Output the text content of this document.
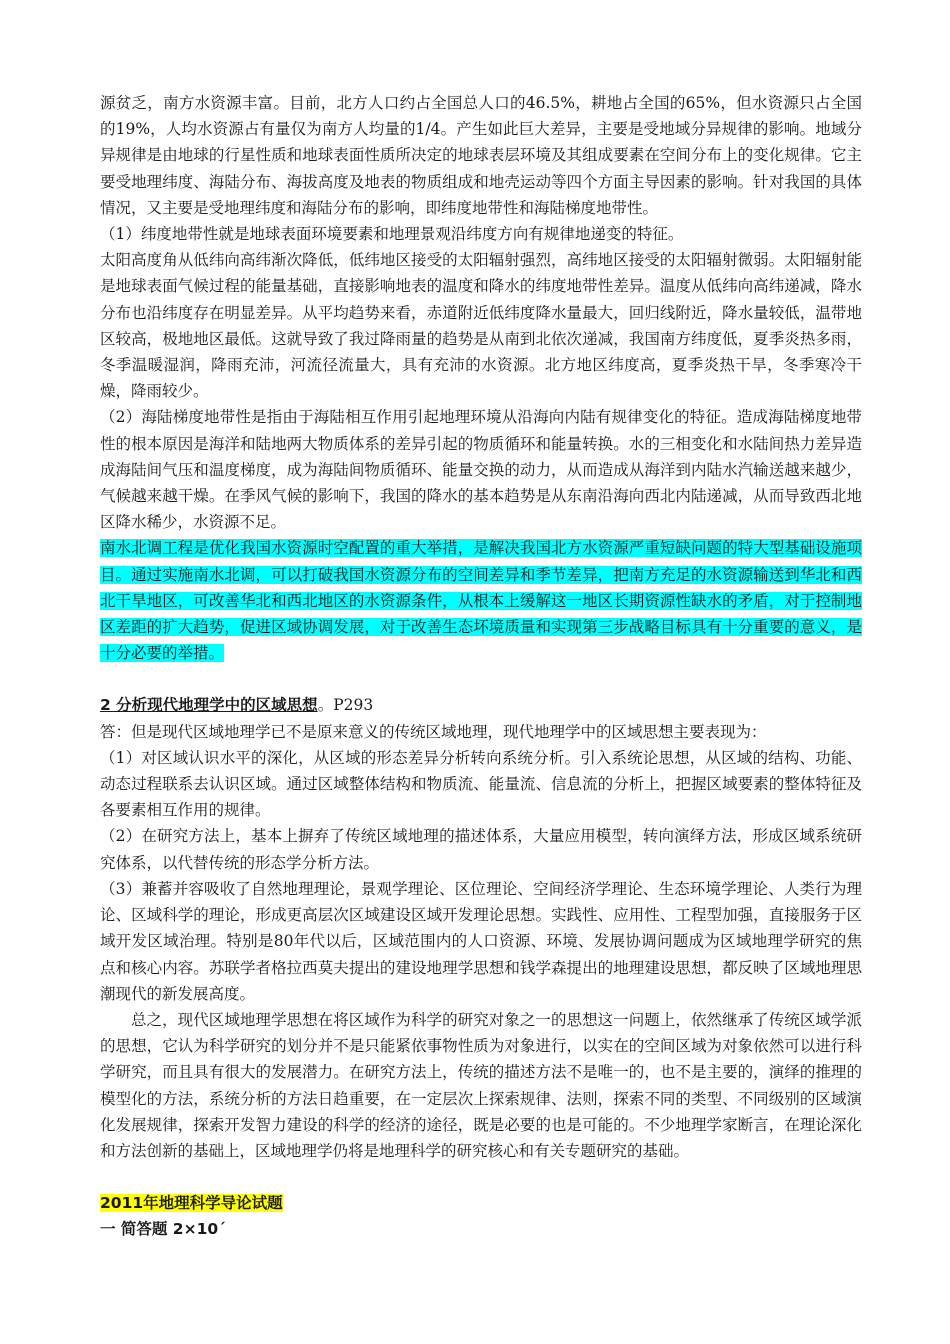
源贫乏，南方水资源丰富。目前，北方人口约占全国总人口的46.5%，耕地占全国的65%，但水资源只占全国的19%，人均水资源占有量仅为南方人均量的1/4。产生如此巨大差异，主要是受地域分异规律的影响。地域分异规律是由地球的行星性质和地球表面性质所决定的地球表层环境及其组成要素在空间分布上的变化规律。它主要受地理纬度、海陆分布、海拔高度及地表的物质组成和地壳运动等四个方面主导因素的影响。针对我国的具体情况，又主要是受地理纬度和海陆分布的影响，即纬度地带性和海陆梯度地带性。

（1）纬度地带性就是地球表面环境要素和地理景观沿纬度方向有规律地递变的特征。

太阳高度角从低纬向高纬渐次降低，低纬地区接受的太阳辐射强烈，高纬地区接受的太阳辐射微弱。太阳辐射能是地球表面气候过程的能量基础，直接影响地表的温度和降水的纬度地带性差异。温度从低纬向高纬递减，降水分布也沿纬度存在明显差异。从平均趋势来看，赤道附近低纬度降水量最大，回归线附近，降水量较低，温带地区较高，极地地区最低。这就导致了我过降雨量的趋势是从南到北依次递减，我国南方纬度低，夏季炎热多雨，冬季温暖湿润，降雨充沛，河流径流量大，具有充沛的水资源。北方地区纬度高，夏季炎热干旱，冬季寒冷干燥，降雨较少。

（2）海陆梯度地带性是指由于海陆相互作用引起地理环境从沿海向内陆有规律变化的特征。造成海陆梯度地带性的根本原因是海洋和陆地两大物质体系的差异引起的物质循环和能量转换。水的三相变化和水陆间热力差异造成海陆间气压和温度梯度，成为海陆间物质循环、能量交换的动力，从而造成从海洋到内陆水汽输送越来越少，气候越来越干燥。在季风气候的影响下，我国的降水的基本趋势是从东南沿海向西北内陆递减，从而导致西北地区降水稀少，水资源不足。

南水北调工程是优化我国水资源时空配置的重大举措，是解决我国北方水资源严重短缺问题的特大型基础设施项目。通过实施南水北调，可以打破我国水资源分布的空间差异和季节差异，把南方充足的水资源输送到华北和西北干旱地区，可改善华北和西北地区的水资源条件，从根本上缓解这一地区长期资源性缺水的矛盾，对于控制地区差距的扩大趋势，促进区域协调发展，对于改善生态坏境质量和实现第三步战略目标具有十分重要的意义，是十分必要的举措。

2 分析现代地理学中的区域思想。P293

答：但是现代区域地理学已不是原来意义的传统区域地理，现代地理学中的区域思想主要表现为：

（1）对区域认识水平的深化，从区域的形态差异分析转向系统分析。引入系统论思想，从区域的结构、功能、动态过程联系去认识区域。通过区域整体结构和物质流、能量流、信息流的分析上，把握区域要素的整体特征及各要素相互作用的规律。

（2）在研究方法上，基本上摒弃了传统区域地理的描述体系，大量应用模型，转向演绎方法，形成区域系统研究体系，以代替传统的形态学分析方法。

（3）兼蓄并容吸收了自然地理理论，景观学理论、区位理论、空间经济学理论、生态环境学理论、人类行为理论、区域科学的理论，形成更高层次区域建设区域开发理论思想。实践性、应用性、工程型加强，直接服务于区域开发区域治理。特别是80年代以后，区域范围内的人口资源、环境、发展协调问题成为区域地理学研究的焦点和核心内容。苏联学者格拉西莫夫提出的建设地理学思想和钱学森提出的地理建设思想，都反映了区域地理思潮现代的新发展高度。

总之，现代区域地理学思想在将区域作为科学的研究对象之一的思想这一问题上，依然继承了传统区域学派的思想，它认为科学研究的划分并不是只能紧依事物性质为对象进行，以实在的空间区域为对象依然可以进行科学研究，而且具有很大的发展潜力。在研究方法上，传统的描述方法不是唯一的，也不是主要的，演绎的推理的模型化的方法，系统分析的方法日趋重要，在一定层次上探索规律、法则，探索不同的类型、不同级别的区域演化发展规律，探索开发智力建设的科学的经济的途径，既是必要的也是可能的。不少地理学家断言，在理论深化和方法创新的基础上，区域地理学仍将是地理科学的研究核心和有关专题研究的基础。

2011年地理科学导论试题

一 简答题 2×10´
